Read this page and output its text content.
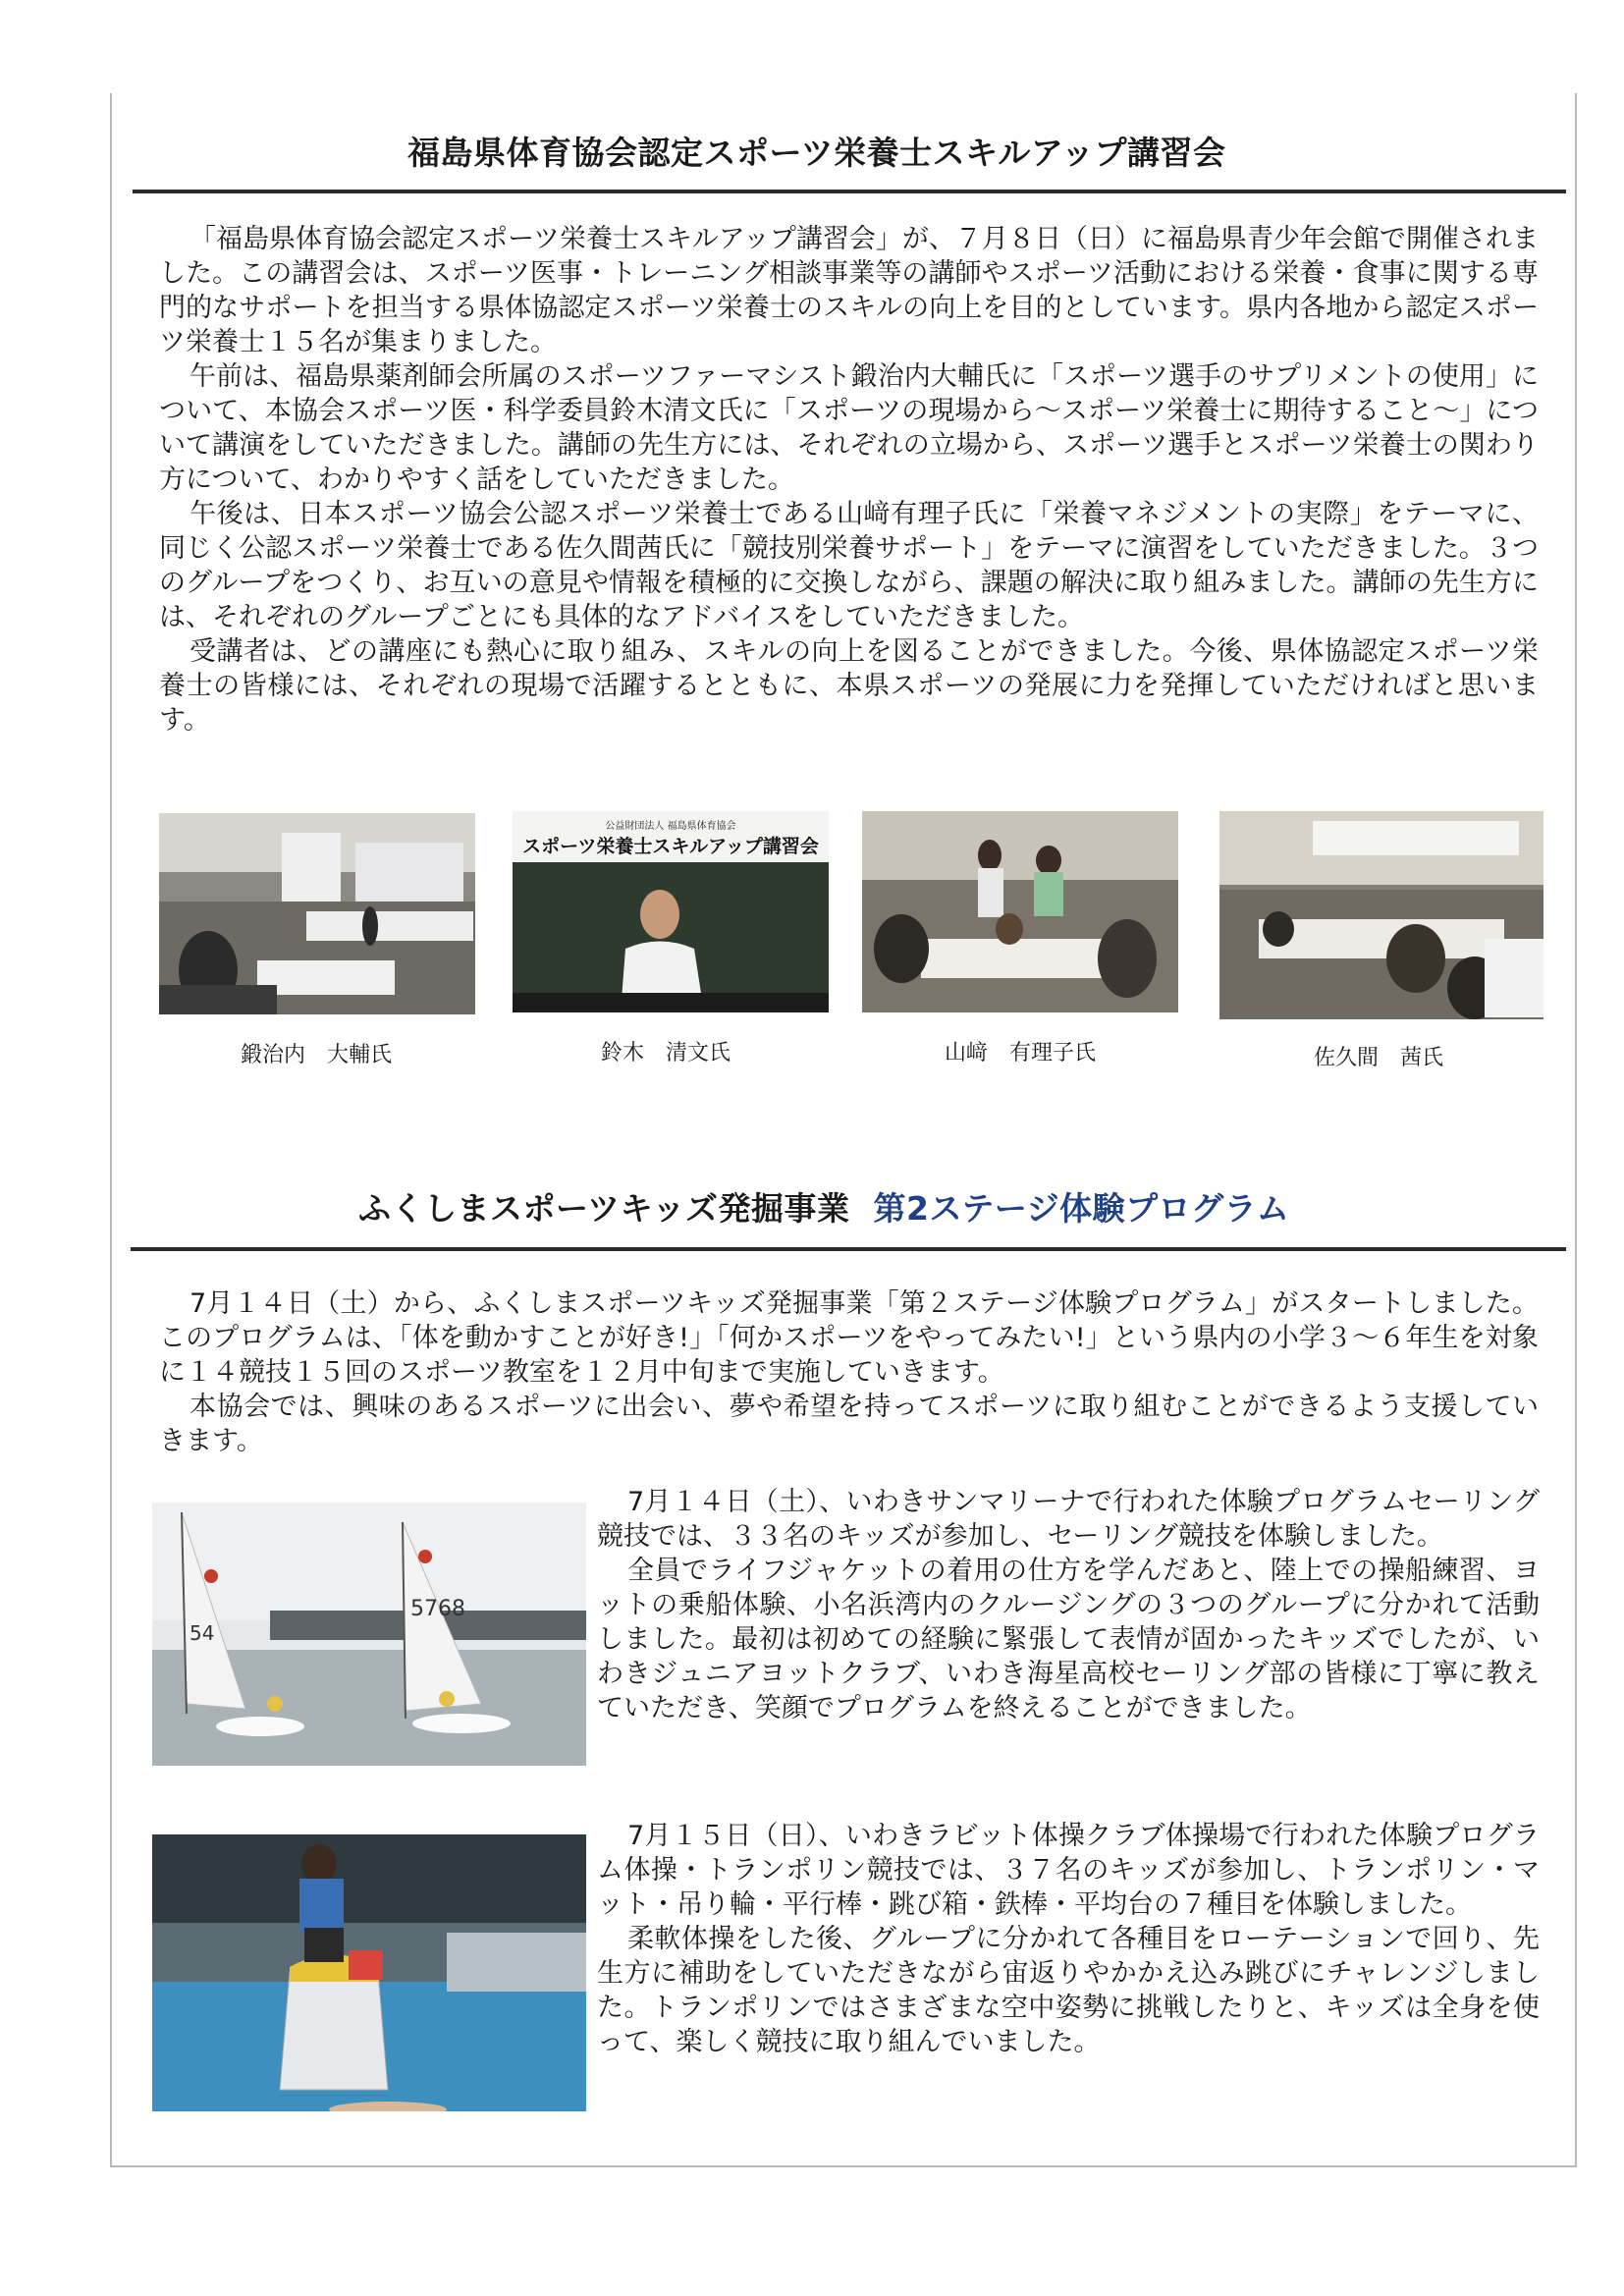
福島県体育協会認定スポーツ栄養士スキルアップ講習会

「福島県体育協会認定スポーツ栄養士スキルアップ講習会」が、７月８日（日）に福島県青少年会館で開催されました。この講習会は、スポーツ医事・トレーニング相談事業等の講師やスポーツ活動における栄養・食事に関する専門的なサポートを担当する県体協認定スポーツ栄養士のスキルの向上を目的としています。県内各地から認定スポーツ栄養士１５名が集まりました。

午前は、福島県薬剤師会所属のスポーツファーマシスト鍛治内大輔氏に「スポーツ選手のサプリメントの使用」について、本協会スポーツ医・科学委員鈴木清文氏に「スポーツの現場から～スポーツ栄養士に期待すること～」について講演をしていただきました。講師の先生方には、それぞれの立場から、スポーツ選手とスポーツ栄養士の関わり方について、わかりやすく話をしていただきました。

午後は、日本スポーツ協会公認スポーツ栄養士である山﨑有理子氏に「栄養マネジメントの実際」をテーマに、同じく公認スポーツ栄養士である佐久間茜氏に「競技別栄養サポート」をテーマに演習をしていただきました。３つのグループをつくり、お互いの意見や情報を積極的に交換しながら、課題の解決に取り組みました。講師の先生方には、それぞれのグループごとにも具体的なアドバイスをしていただきました。

受講者は、どの講座にも熱心に取り組み、スキルの向上を図ることができました。今後、県体協認定スポーツ栄養士の皆様には、それぞれの現場で活躍するとともに、本県スポーツの発展に力を発揮していただければと思います。

鍛治内　大輔氏
公益財団法人 福島県体育協会
スポーツ栄養士スキルアップ講習会
鈴木　清文氏	山﨑　有理子氏	佐久間　茜氏
ふくしまスポーツキッズ発掘事業 第2ステージ体験プログラム

7月１４日（土）から、ふくしまスポーツキッズ発掘事業「第２ステージ体験プログラム」がスタートしました。このプログラムは、「体を動かすことが好き!」「何かスポーツをやってみたい!」という県内の小学３～６年生を対象に１４競技１５回のスポーツ教室を１２月中旬まで実施していきます。

本協会では、興味のあるスポーツに出会い、夢や希望を持ってスポーツに取り組むことができるよう支援していきます。

54
5768

7月１４日（土）、いわきサンマリーナで行われた体験プログラムセーリング競技では、３３名のキッズが参加し、セーリング競技を体験しました。

全員でライフジャケットの着用の仕方を学んだあと、陸上での操船練習、ヨットの乗船体験、小名浜湾内のクルージングの３つのグループに分かれて活動しました。最初は初めての経験に緊張して表情が固かったキッズでしたが、いわきジュニアヨットクラブ、いわき海星高校セーリング部の皆様に丁寧に教えていただき、笑顔でプログラムを終えることができました。

7月１５日（日）、いわきラビット体操クラブ体操場で行われた体験プログラム体操・トランポリン競技では、３７名のキッズが参加し、トランポリン・マット・吊り輪・平行棒・跳び箱・鉄棒・平均台の７種目を体験しました。

柔軟体操をした後、グループに分かれて各種目をローテーションで回り、先生方に補助をしていただきながら宙返りやかかえ込み跳びにチャレンジしました。トランポリンではさまざまな空中姿勢に挑戦したりと、キッズは全身を使って、楽しく競技に取り組んでいました。
